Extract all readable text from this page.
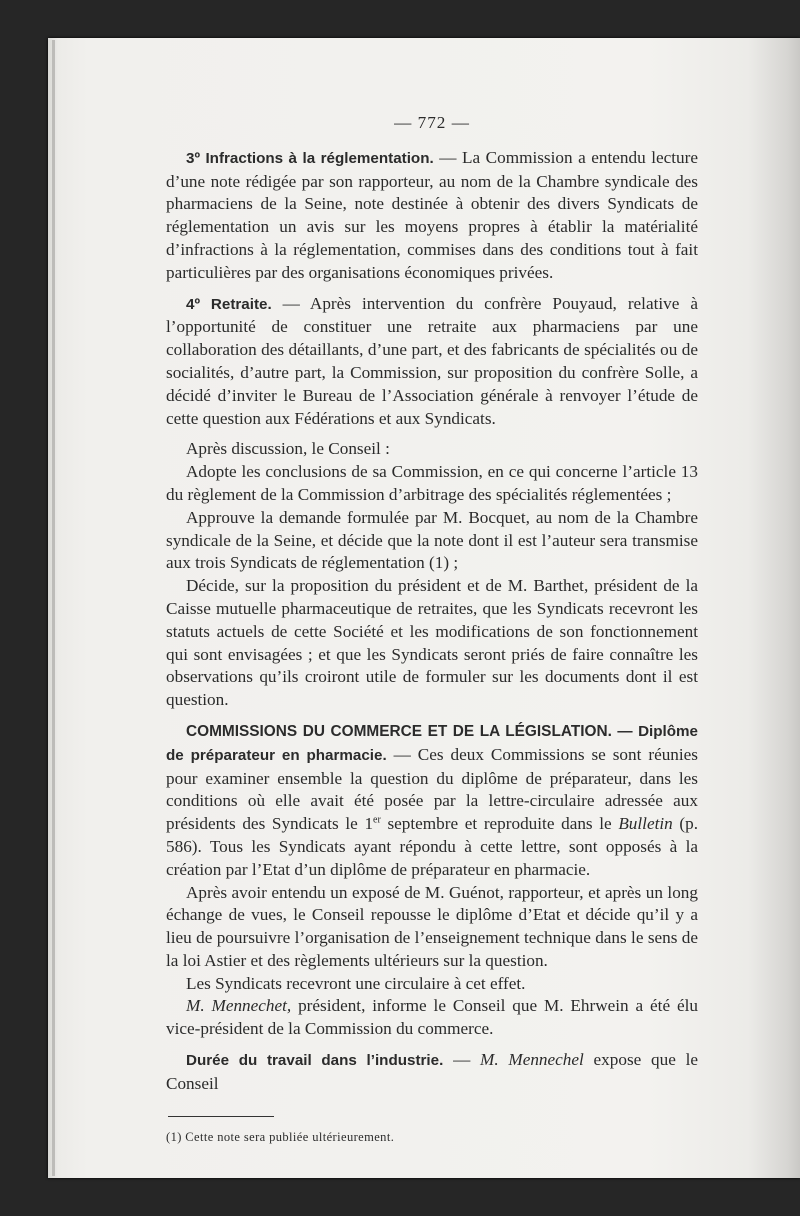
— 772 —

3º Infractions à la réglementation. — La Commission a entendu lecture d’une note rédigée par son rapporteur, au nom de la Chambre syndicale des pharmaciens de la Seine, note destinée à obtenir des divers Syndicats de réglementation un avis sur les moyens propres à établir la matérialité d’infractions à la réglementation, commises dans des conditions tout à fait particulières par des organisations économiques privées.

4º Retraite. — Après intervention du confrère Pouyaud, relative à l’opportunité de constituer une retraite aux pharmaciens par une collaboration des détaillants, d’une part, et des fabricants de spécialités ou de socialités, d’autre part, la Commission, sur proposition du confrère Solle, a décidé d’inviter le Bureau de l’Association générale à renvoyer l’étude de cette question aux Fédérations et aux Syndicats.

Après discussion, le Conseil :

Adopte les conclusions de sa Commission, en ce qui concerne l’article 13 du règlement de la Commission d’arbitrage des spécialités réglementées ;

Approuve la demande formulée par M. Bocquet, au nom de la Chambre syndicale de la Seine, et décide que la note dont il est l’auteur sera transmise aux trois Syndicats de réglementation (1) ;

Décide, sur la proposition du président et de M. Barthet, président de la Caisse mutuelle pharmaceutique de retraites, que les Syndicats recevront les statuts actuels de cette Société et les modifications de son fonctionnement qui sont envisagées ; et que les Syndicats seront priés de faire connaître les observations qu’ils croiront utile de formuler sur les documents dont il est question.

COMMISSIONS DU COMMERCE ET DE LA LÉGISLATION. — Diplôme de préparateur en pharmacie. — Ces deux Commissions se sont réunies pour examiner ensemble la question du diplôme de préparateur, dans les conditions où elle avait été posée par la lettre-circulaire adressée aux présidents des Syndicats le 1er septembre et reproduite dans le Bulletin (p. 586). Tous les Syndicats ayant répondu à cette lettre, sont opposés à la création par l’Etat d’un diplôme de préparateur en pharmacie.

Après avoir entendu un exposé de M. Guénot, rapporteur, et après un long échange de vues, le Conseil repousse le diplôme d’Etat et décide qu’il y a lieu de poursuivre l’organisation de l’enseignement technique dans le sens de la loi Astier et des règlements ultérieurs sur la question.

Les Syndicats recevront une circulaire à cet effet.

M. Mennechet, président, informe le Conseil que M. Ehrwein a été élu vice-président de la Commission du commerce.

Durée du travail dans l’industrie. — M. Mennechel expose que le Conseil

(1) Cette note sera publiée ultérieurement.
